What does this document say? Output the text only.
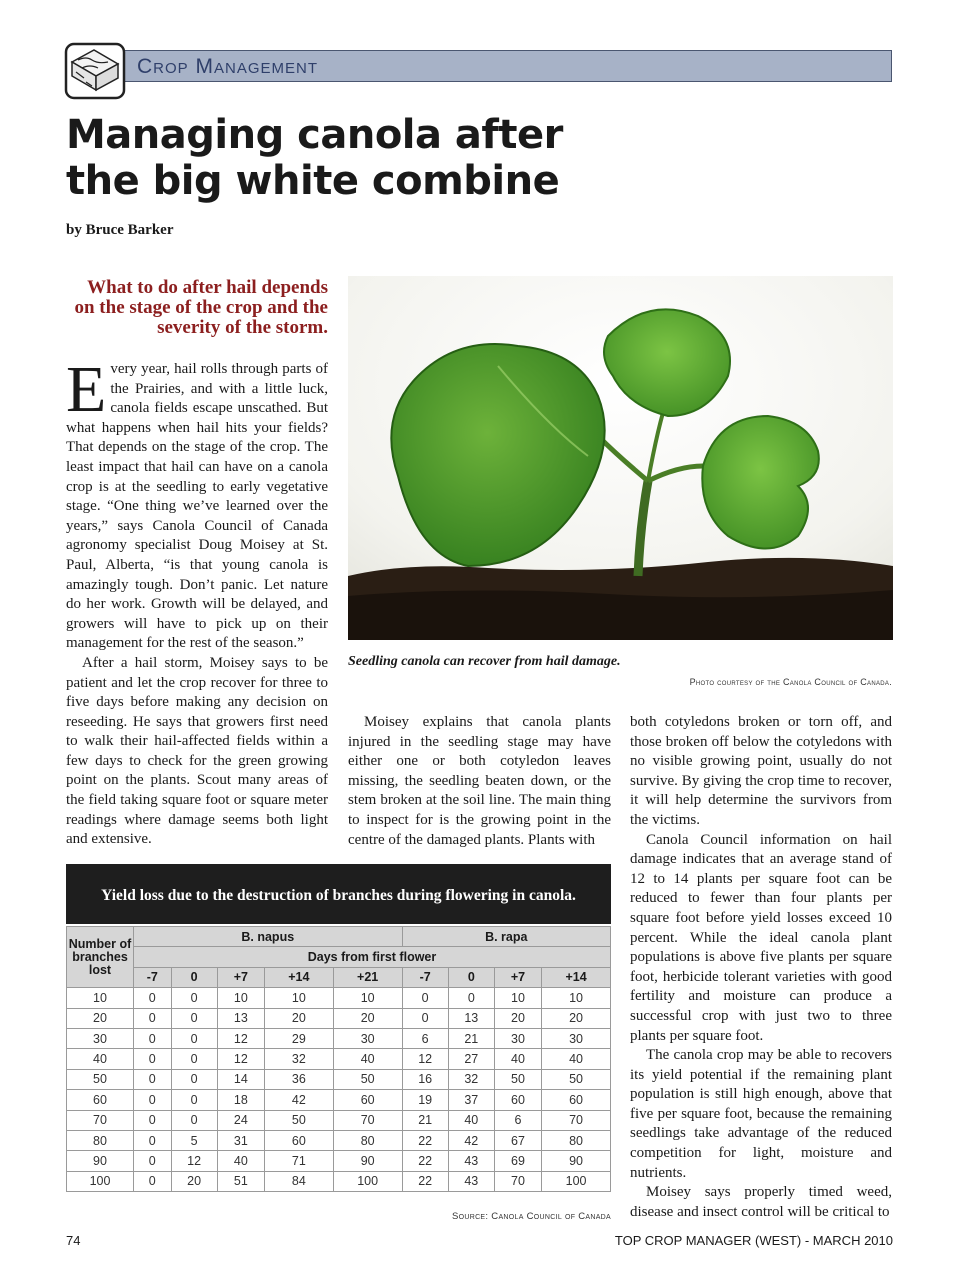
Crop Management
Managing canola after
the big white combine
by Bruce Barker
What to do after hail depends on the stage of the crop and the severity of the storm.

Every year, hail rolls through parts of the Prairies, and with a little luck, canola fields escape unscathed. But what happens when hail hits your fields? That depends on the stage of the crop. The least impact that hail can have on a canola crop is at the seedling to early vegetative stage. “One thing we’ve learned over the years,” says Canola Council of Canada agronomy specialist Doug Moisey at St. Paul, Alberta, “is that young canola is amazingly tough. Don’t panic. Let nature do her work. Growth will be delayed, and growers will have to pick up on their management for the rest of the season.”

After a hail storm, Moisey says to be patient and let the crop recover for three to five days before making any decision on reseeding. He says that growers first need to walk their hail-affected fields within a few days to check for the green growing point on the plants. Scout many areas of the field taking square foot or square meter readings where damage seems both light and extensive.

Seedling canola can recover from hail damage.
Photo courtesy of the Canola Council of Canada.

Moisey explains that canola plants injured in the seedling stage may have either one or both cotyledon leaves missing, the seedling beaten down, or the stem broken at the soil line. The main thing to inspect for is the growing point in the centre of the damaged plants. Plants with

both cotyledons broken or torn off, and those broken off below the cotyledons with no visible growing point, usually do not survive. By giving the crop time to recover, it will help determine the survivors from the victims.

Canola Council information on hail damage indicates that an average stand of 12 to 14 plants per square foot can be reduced to fewer than four plants per square foot before yield losses exceed 10 percent. While the ideal canola plant populations is above five plants per square foot, herbicide tolerant varieties with good fertility and moisture can produce a successful crop with just two to three plants per square foot.

The canola crop may be able to recovers its yield potential if the remaining plant population is still high enough, above that five per square foot, because the remaining seedlings take advantage of the reduced competition for light, moisture and nutrients.

Moisey says properly timed weed, disease and insect control will be critical to

Yield loss due to the destruction of branches during flowering in canola.
Number of branches lost	B. napus					B. rapa			
	Days from first flower								
	-7	0	+7	+14	+21	-7	0	+7	+14
10	0	0	10	10	10	0	0	10	10
20	0	0	13	20	20	0	13	20	20
30	0	0	12	29	30	6	21	30	30
40	0	0	12	32	40	12	27	40	40
50	0	0	14	36	50	16	32	50	50
60	0	0	18	42	60	19	37	60	60
70	0	0	24	50	70	21	40	6	70
80	0	5	31	60	80	22	42	67	80
90	0	12	40	71	90	22	43	69	90
100	0	20	51	84	100	22	43	70	100
Source: Canola Council of Canada
74	TOP CROP MANAGER (WEST) - MARCH 2010
